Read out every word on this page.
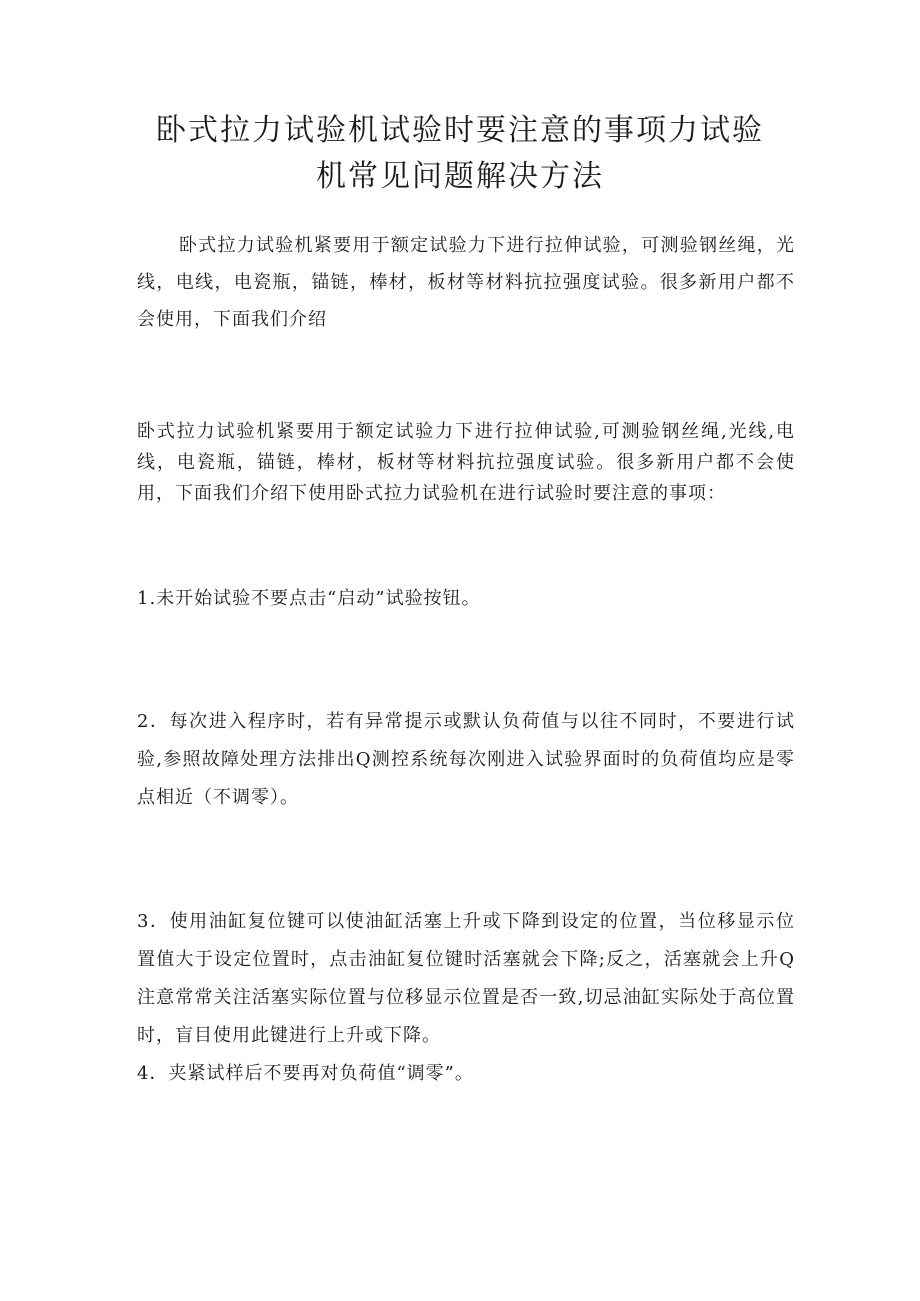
卧式拉力试验机试验时要注意的事项力试验
机常见问题解决方法

卧式拉力试验机紧要用于额定试验力下进行拉伸试验，可测验钢丝绳，光线，电线，电瓷瓶，锚链，棒材，板材等材料抗拉强度试验。很多新用户都不会使用，下面我们介绍

卧式拉力试验机紧要用于额定试验力下进行拉伸试验,可测验钢丝绳,光线,电线，电瓷瓶，锚链，棒材，板材等材料抗拉强度试验。很多新用户都不会使用，下面我们介绍下使用卧式拉力试验机在进行试验时要注意的事项：

1.未开始试验不要点击“启动”试验按钮。

2．每次进入程序时，若有异常提示或默认负荷值与以往不同时，不要进行试验,参照故障处理方法排出Q测控系统每次刚进入试验界面时的负荷值均应是零点相近（不调零）。

3．使用油缸复位键可以使油缸活塞上升或下降到设定的位置，当位移显示位置值大于设定位置时，点击油缸复位键时活塞就会下降;反之，活塞就会上升Q注意常常关注活塞实际位置与位移显示位置是否一致,切忌油缸实际处于高位置时，盲目使用此键进行上升或下降。

4．夹紧试样后不要再对负荷值“调零”。
